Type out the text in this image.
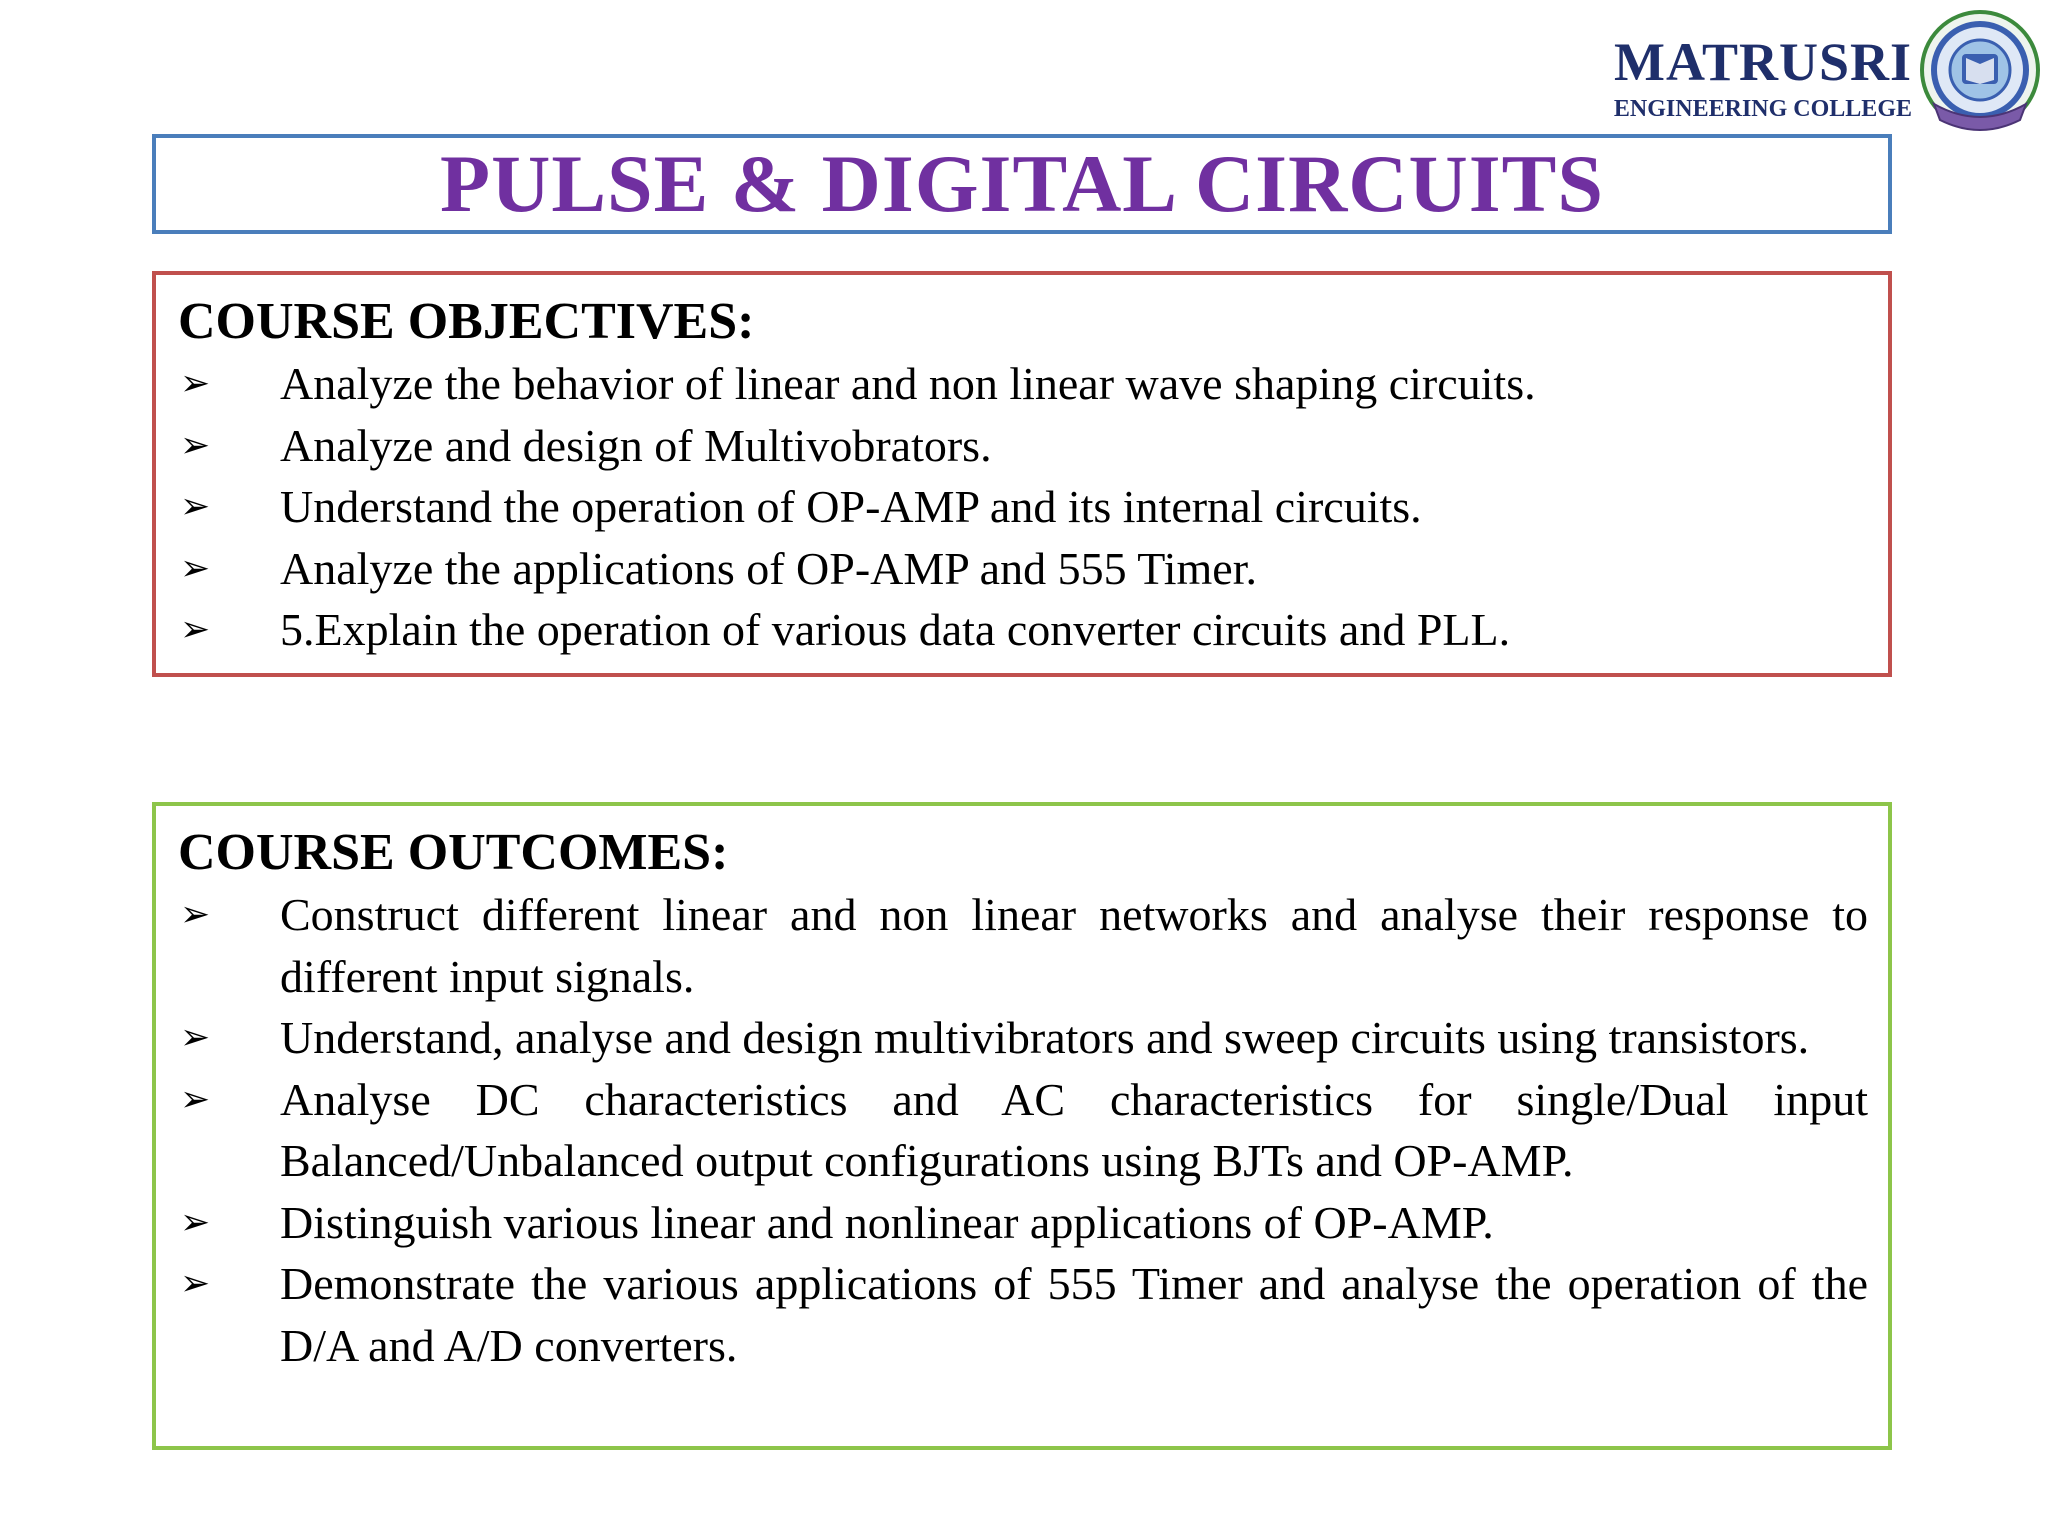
MATRUSRI
ENGINEERING COLLEGE
PULSE & DIGITAL CIRCUITS
COURSE OBJECTIVES:
➢	Analyze the behavior of linear and non linear wave shaping circuits.
➢	Analyze and design of Multivobrators.
➢	Understand the operation of OP-AMP and its internal circuits.
➢	Analyze the applications of OP-AMP and 555 Timer.
➢	5.Explain the operation of various data converter circuits and PLL.
COURSE OUTCOMES:
➢	Construct different linear and non linear networks and analyse their response to different input signals.
➢	Understand, analyse and design multivibrators and sweep circuits using transistors.
➢	Analyse DC characteristics and AC characteristics for single/Dual input Balanced/Unbalanced output configurations using BJTs and OP-AMP.
➢	Distinguish various linear and nonlinear applications of OP-AMP.
➢	Demonstrate the various applications of 555 Timer and analyse the operation of the D/A and A/D converters.
